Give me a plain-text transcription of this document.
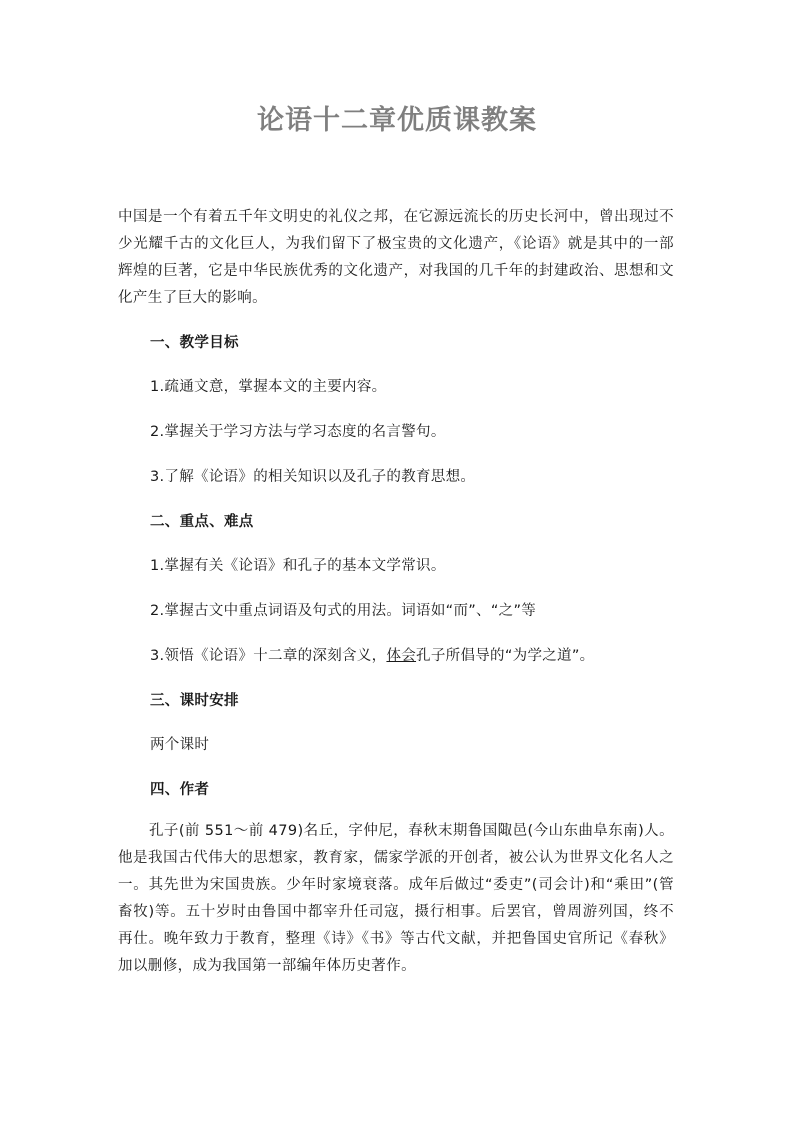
论语十二章优质课教案

中国是一个有着五千年文明史的礼仪之邦，在它源远流长的历史长河中，曾出现过不少光耀千古的文化巨人，为我们留下了极宝贵的文化遗产，《论语》就是其中的一部辉煌的巨著，它是中华民族优秀的文化遗产，对我国的几千年的封建政治、思想和文化产生了巨大的影响。

一、教学目标

1.疏通文意，掌握本文的主要内容。

2.掌握关于学习方法与学习态度的名言警句。

3.了解《论语》的相关知识以及孔子的教育思想。

二、重点、难点

1.掌握有关《论语》和孔子的基本文学常识。

2.掌握古文中重点词语及句式的用法。词语如“而”、“之”等

3.领悟《论语》十二章的深刻含义，体会孔子所倡导的“为学之道”。

三、课时安排

两个课时

四、作者

孔子(前 551～前 479)名丘，字仲尼，春秋末期鲁国陬邑(今山东曲阜东南)人。他是我国古代伟大的思想家，教育家，儒家学派的开创者，被公认为世界文化名人之一。其先世为宋国贵族。少年时家境衰落。成年后做过“委吏”(司会计)和“乘田”(管畜牧)等。五十岁时由鲁国中都宰升任司寇，摄行相事。后罢官，曾周游列国，终不再仕。晚年致力于教育，整理《诗》《书》等古代文献，并把鲁国史官所记《春秋》加以删修，成为我国第一部编年体历史著作。
